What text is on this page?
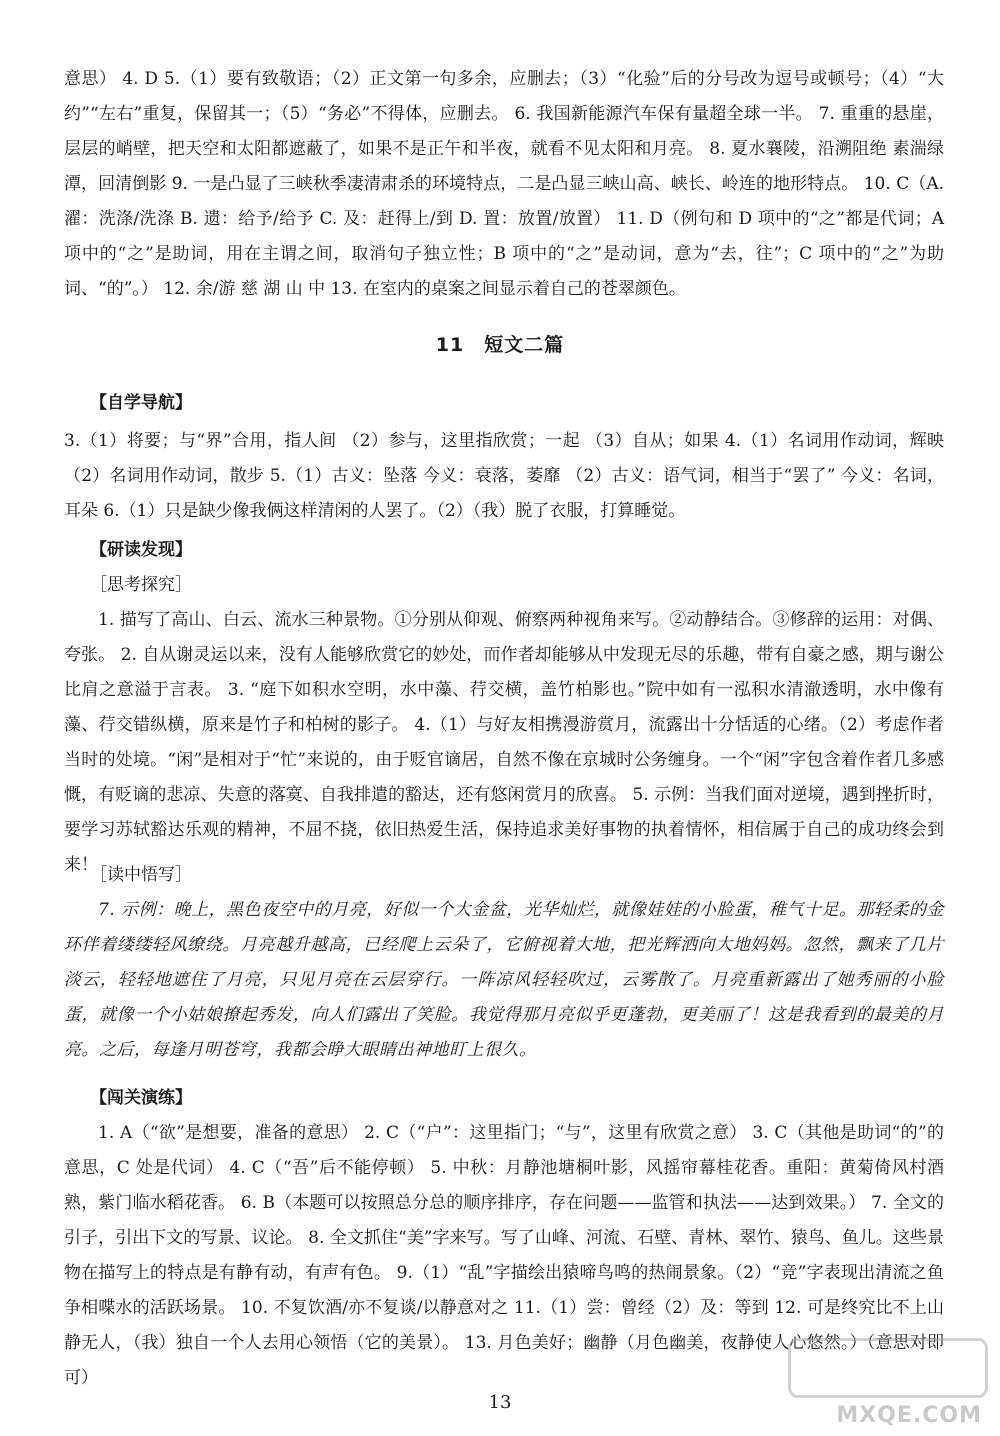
意思） 4. D 5.（1）要有致敬语；（2）正文第一句多余，应删去；（3）“化验”后的分号改为逗号或顿号；（4）“大约”“左右”重复，保留其一；（5）“务必”不得体，应删去。 6. 我国新能源汽车保有量超全球一半。 7. 重重的悬崖，层层的峭壁，把天空和太阳都遮蔽了，如果不是正午和半夜，就看不见太阳和月亮。 8. 夏水襄陵，沿溯阻绝 素湍绿潭，回清倒影 9. 一是凸显了三峡秋季凄清肃杀的环境特点，二是凸显三峡山高、峡长、岭连的地形特点。 10. C（A. 濯：洗涤/洗涤 B. 遗：给予/给予 C. 及：赶得上/到 D. 置：放置/放置） 11. D（例句和 D 项中的“之”都是代词；A 项中的“之”是助词，用在主谓之间，取消句子独立性；B 项中的“之”是动词，意为“去，往”；C 项中的“之”为助词、“的”。） 12. 余/游 慈 湖 山 中 13. 在室内的桌案之间显示着自己的苍翠颜色。

11 短文二篇

【自学导航】

3.（1）将要；与“界”合用，指人间 （2）参与，这里指欣赏；一起 （3）自从；如果 4.（1）名词用作动词，辉映 （2）名词用作动词，散步 5.（1）古义：坠落 今义：衰落，萎靡 （2）古义：语气词，相当于“罢了” 今义：名词，耳朵 6.（1）只是缺少像我俩这样清闲的人罢了。（2）（我）脱了衣服，打算睡觉。

【研读发现】

［思考探究］

1. 描写了高山、白云、流水三种景物。①分别从仰观、俯察两种视角来写。②动静结合。③修辞的运用：对偶、夸张。 2. 自从谢灵运以来，没有人能够欣赏它的妙处，而作者却能够从中发现无尽的乐趣，带有自豪之感，期与谢公比肩之意溢于言表。 3. “庭下如积水空明，水中藻、荇交横，盖竹柏影也。”院中如有一泓积水清澈透明，水中像有藻、荇交错纵横，原来是竹子和柏树的影子。 4.（1）与好友相携漫游赏月，流露出十分恬适的心绪。（2）考虑作者当时的处境。“闲”是相对于“忙”来说的，由于贬官谪居，自然不像在京城时公务缠身。一个“闲”字包含着作者几多感慨，有贬谪的悲凉、失意的落寞、自我排遣的豁达，还有悠闲赏月的欣喜。 5. 示例：当我们面对逆境，遇到挫折时，要学习苏轼豁达乐观的精神，不屈不挠，依旧热爱生活，保持追求美好事物的执着情怀，相信属于自己的成功终会到来！

［读中悟写］

7. 示例：晚上，黑色夜空中的月亮，好似一个大金盆，光华灿烂，就像娃娃的小脸蛋，稚气十足。那轻柔的金环伴着缕缕轻风缭绕。月亮越升越高，已经爬上云朵了，它俯视着大地，把光辉洒向大地妈妈。忽然，飘来了几片淡云，轻轻地遮住了月亮，只见月亮在云层穿行。一阵凉风轻轻吹过，云雾散了。月亮重新露出了她秀丽的小脸蛋，就像一个小姑娘撩起秀发，向人们露出了笑脸。我觉得那月亮似乎更蓬勃，更美丽了！这是我看到的最美的月亮。之后，每逢月明苍穹，我都会睁大眼睛出神地盯上很久。

【闯关演练】

1. A（“欲”是想要，准备的意思） 2. C（“户”：这里指门；“与”，这里有欣赏之意） 3. C（其他是助词“的”的意思，C 处是代词） 4. C（“吾”后不能停顿） 5. 中秋：月静池塘桐叶影，风摇帘幕桂花香。重阳：黄菊倚风村酒熟，紫门临水稻花香。 6. B（本题可以按照总分总的顺序排序，存在问题——监管和执法——达到效果。） 7. 全文的引子，引出下文的写景、议论。 8. 全文抓住“美”字来写。写了山峰、河流、石壁、青林、翠竹、猿鸟、鱼儿。这些景物在描写上的特点是有静有动，有声有色。 9.（1）“乱”字描绘出猿啼鸟鸣的热闹景象。（2）“竞”字表现出清流之鱼争相喋水的活跃场景。 10. 不复饮酒/亦不复谈/以静意对之 11.（1）尝：曾经（2）及：等到 12. 可是终究比不上山静无人，（我）独自一个人去用心领悟（它的美景）。 13. 月色美好；幽静（月色幽美，夜静使人心悠然。）（意思对即可）

13
MXQE.COM
